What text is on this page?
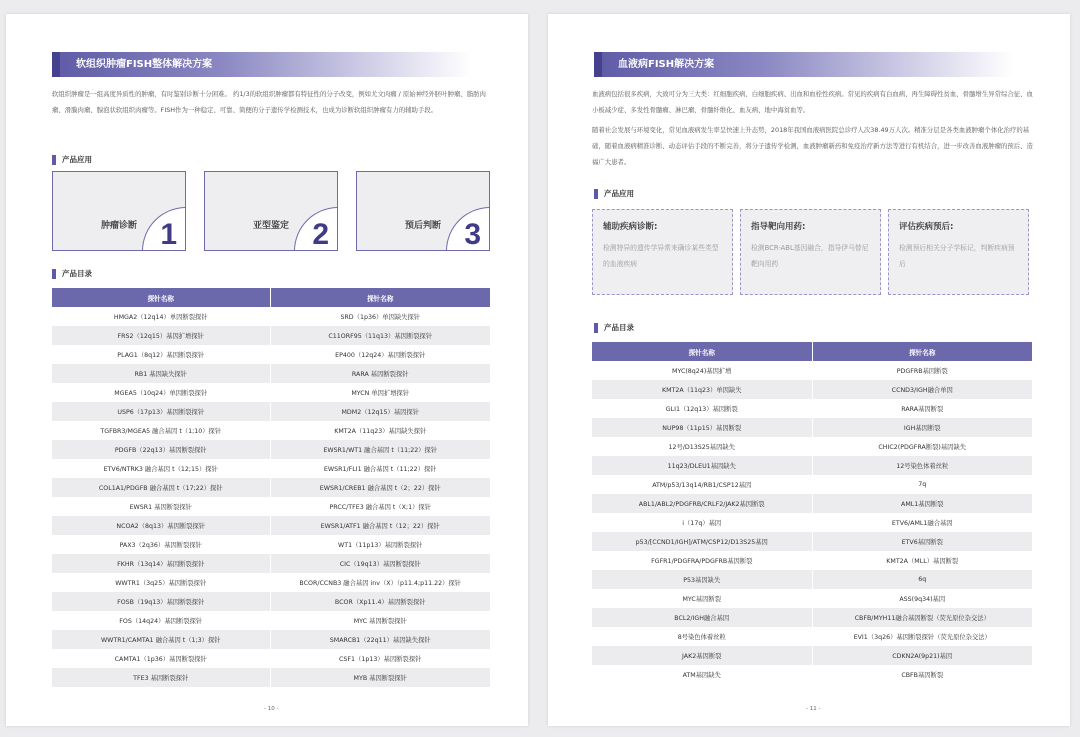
软组织肿瘤FISH整体解决方案
软组织肿瘤是一组高度异质性的肿瘤，有时鉴别诊断十分困难。 约1/3的软组织肿瘤都有特征性的分子改变，例如尤文肉瘤 / 原始神经外胚叶肿瘤、脂肪肉瘤、滑膜肉瘤、腺泡状软组织肉瘤等。FISH作为一种稳定、可靠、简便的分子遗传学检测技术，也成为诊断软组织肿瘤有力的辅助手段。
产品应用
肿瘤诊断 1	亚型鉴定 2	预后判断 3
产品目录
探针名称	探针名称
HMGA2（12q14）单因断裂探针	SRD（1p36）单因缺失探针
FRS2（12q15）基因扩增探针	C11ORF95（11q13）基因断裂探针
PLAG1（8q12）基因断裂探针	EP400（12q24）基因断裂探针
RB1 基因缺失探针	RARA 基因断裂探针
MGEA5（10q24）单因断裂探针	MYCN 单因扩增探针
USP6（17p13）基因断裂探针	MDM2（12q15）基因探针
TGFBR3/MGEA5 融合基因 t（1;10）探针	KMT2A（11q23）基因缺失探针
PDGFB（22q13）基因断裂探针	EWSR1/WT1 融合基因 t（11;22）探针
ETV6/NTRK3 融合基因 t（12;15）探针	EWSR1/FLI1 融合基因 t（11;22）探针
COL1A1/PDGFB 融合基因 t（17;22）探针	EWSR1/CREB1 融合基因 t（2；22）探针
EWSR1 基因断裂探针	PRCC/TFE3 融合基因 t（X;1）探针
NCOA2（8q13）基因断裂探针	EWSR1/ATF1 融合基因 t（12；22）探针
PAX3（2q36）基因断裂探针	WT1（11p13）基因断裂探针
FKHR（13q14）基因断裂探针	CIC（19q13）基因断裂探针
WWTR1（3q25）基因断裂探针	BCOR/CCNB3 融合基因 inv（X）（p11.4;p11.22）探针
FOSB（19q13）基因断裂探针	BCOR（Xp11.4）基因断裂探针
FOS（14q24）基因断裂探针	MYC 基因断裂探针
WWTR1/CAMTA1 融合基因 t（1;3）探针	SMARCB1（22q11）基因缺失探针
CAMTA1（1p36）基因断裂探针	CSF1（1p13）基因断裂探针
TFE3 基因断裂探针	MYB 基因断裂探针
- 10 -
血液病FISH解决方案
血液病包括很多疾病，大致可分为三大类：红细胞疾病、白细胞疾病、出血和血栓性疾病。常见的疾病有白血病、再生障碍性贫血、骨髓增生异常综合征、血小板减少症、多发性骨髓瘤、淋巴瘤、骨髓纤维化、血友病、地中海贫血等。
随着社会发展与环境变化，常见血液病发生率呈快速上升态势，2018年我国血液病医院总诊疗人次38.49万人次。精准分层是各类血液肿瘤个体化治疗的基础，随着血液病精准诊断、动态评估手段的不断完善，将分子遗传学检测，血液肿瘤新药和免疫治疗新方法等进行有机结合，进一步改善血液肿瘤的预后、造福广大患者。
产品应用
辅助疾病诊断:
检测特异的遗传学异常来确诊某些类型的血液疾病
指导靶向用药:
检测BCR-ABL基因融合，指导伊马替尼靶向用药
评估疾病预后:
检测预后相关分子学标记，判断疾病预后
产品目录
探针名称	探针名称
MYC(8q24)基因扩增	PDGFRB基因断裂
KMT2A（11q23）单因缺失	CCND3/IGH融合单因
GLI1（12q13）基因断裂	RARA基因断裂
NUP98（11p15）基因断裂	IGH基因断裂
12号/D13S25基因缺失	CHIC2(PDGFRA断裂)基因缺失
11q23/DLEU1基因缺失	12号染色体着丝粒
ATM/p53/13q14/RB1/CSP12基因	7q
ABL1/ABL2/PDGFRB/CRLF2/JAK2基因断裂	AML1基因断裂
i（17q）基因	ETV6/AML1融合基因
p53/[CCND1/IGH]/ATM/CSP12/D13S25基因	ETV6基因断裂
FGFR1/PDGFRA/PDGFRB基因断裂	KMT2A（MLL）基因断裂
P53基因缺失	6q
MYC基因断裂	ASS(9q34)基因
BCL2/IGH融合基因	CBFB/MYH11融合基因断裂（荧光原位杂交法）
8号染色体着丝粒	EVI1（3q26）基因断裂探针（荧光原位杂交法）
JAK2基因断裂	CDKN2A(9p21)基因
ATM基因缺失	CBFB基因断裂
- 11 -
